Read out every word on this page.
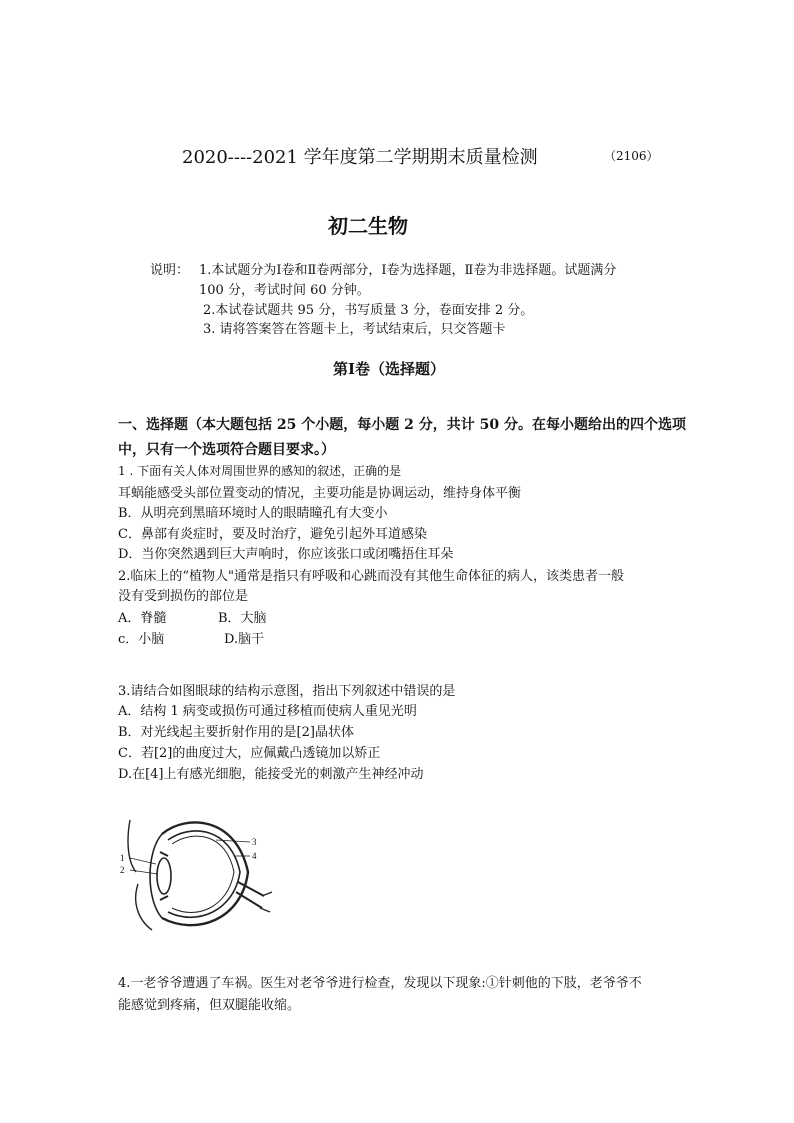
2020----2021 学年度第二学期期末质量检测	（2106）
初二生物
说明： 1.本试题分为Ⅰ卷和Ⅱ卷两部分，Ⅰ卷为选择题，Ⅱ卷为非选择题。试题满分
100 分，考试时间 60 分钟。
2.本试卷试题共 95 分，书写质量 3 分，卷面安排 2 分。
3. 请将答案答在答题卡上，考试结束后，只交答题卡
第Ⅰ卷（选择题）
一、选择题（本大题包括 25 个小题，每小题 2 分，共计 50 分。在每小题给出的四个选项
中，只有一个选项符合题目要求。）
1 . 下面有关人体对周围世界的感知的叙述，正确的是
耳蜗能感受头部位置变动的情况，主要功能是协调运动，维持身体平衡
B．从明亮到黑暗环境时人的眼睛瞳孔有大变小
C．鼻部有炎症时，要及时治疗，避免引起外耳道感染
D．当你突然遇到巨大声响时，你应该张口或闭嘴捂住耳朵
2.临床上的“植物人"通常是指只有呼吸和心跳而没有其他生命体征的病人，该类患者一般
没有受到损伤的部位是
A．脊髓	B．大脑
c．小脑	D.脑干
3.请结合如图眼球的结构示意图，指出下列叙述中错误的是
A．结构 1 病变或损伤可通过移植而使病人重见光明
B．对光线起主要折射作用的是[2]晶状体
C．若[2]的曲度过大，应佩戴凸透镜加以矫正
D.在[4]上有感光细胞，能接受光的刺激产生神经冲动
1
2
3
4
4.一老爷爷遭遇了车祸。医生对老爷爷进行检查，发现以下现象:①针刺他的下肢，老爷爷不
能感觉到疼痛，但双腿能收缩。
